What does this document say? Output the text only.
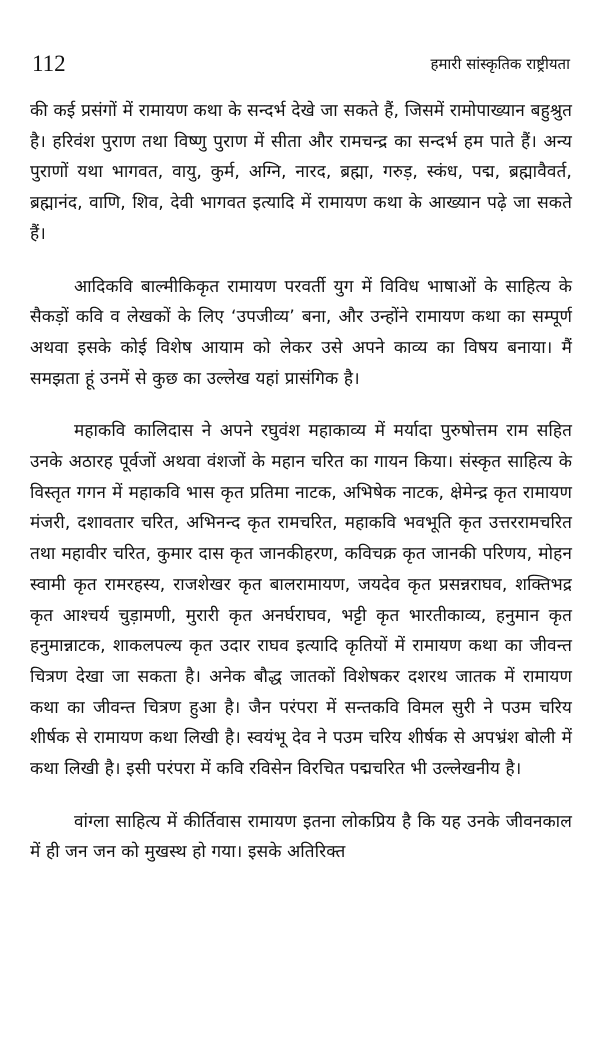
112	हमारी सांस्कृतिक राष्ट्रीयता

की कई प्रसंगों में रामायण कथा के सन्दर्भ देखे जा सकते हैं, जिसमें रामोपाख्यान बहुश्रुत है। हरिवंश पुराण तथा विष्णु पुराण में सीता और रामचन्द्र का सन्दर्भ हम पाते हैं। अन्य पुराणों यथा भागवत, वायु, कुर्म, अग्नि, नारद, ब्रह्मा, गरुड़, स्कंध, पद्म, ब्रह्मावैवर्त, ब्रह्मानंद, वाणि, शिव, देवी भागवत इत्यादि में रामायण कथा के आख्यान पढ़े जा सकते हैं।

आदिकवि बाल्मीकिकृत रामायण परवर्ती युग में विविध भाषाओं के साहित्य के सैकड़ों कवि व लेखकों के लिए ‘उपजीव्य’ बना, और उन्होंने रामायण कथा का सम्पूर्ण अथवा इसके कोई विशेष आयाम को लेकर उसे अपने काव्य का विषय बनाया। मैं समझता हूं उनमें से कुछ का उल्लेख यहां प्रासंगिक है।

महाकवि कालिदास ने अपने रघुवंश महाकाव्य में मर्यादा पुरुषोत्तम राम सहित उनके अठारह पूर्वजों अथवा वंशजों के महान चरित का गायन किया। संस्कृत साहित्य के विस्तृत गगन में महाकवि भास कृत प्रतिमा नाटक, अभिषेक नाटक, क्षेमेन्द्र कृत रामायण मंजरी, दशावतार चरित, अभिनन्द कृत रामचरित, महाकवि भवभूति कृत उत्तररामचरित तथा महावीर चरित, कुमार दास कृत जानकीहरण, कविचक्र कृत जानकी परिणय, मोहन स्वामी कृत रामरहस्य, राजशेखर कृत बालरामायण, जयदेव कृत प्रसन्नराघव, शक्तिभद्र कृत आश्चर्य चुड़ामणी, मुरारी कृत अनर्घराघव, भट्टी कृत भारतीकाव्य, हनुमान कृत हनुमान्नाटक, शाकलपल्य कृत उदार राघव इत्यादि कृतियों में रामायण कथा का जीवन्त चित्रण देखा जा सकता है। अनेक बौद्ध जातकों विशेषकर दशरथ जातक में रामायण कथा का जीवन्त चित्रण हुआ है। जैन परंपरा में सन्तकवि विमल सुरी ने पउम चरिय शीर्षक से रामायण कथा लिखी है। स्वयंभू देव ने पउम चरिय शीर्षक से अपभ्रंश बोली में कथा लिखी है। इसी परंपरा में कवि रविसेन विरचित पद्मचरित भी उल्लेखनीय है।

वांग्ला साहित्य में कीर्तिवास रामायण इतना लोकप्रिय है कि यह उनके जीवनकाल में ही जन जन को मुखस्थ हो गया। इसके अतिरिक्त
